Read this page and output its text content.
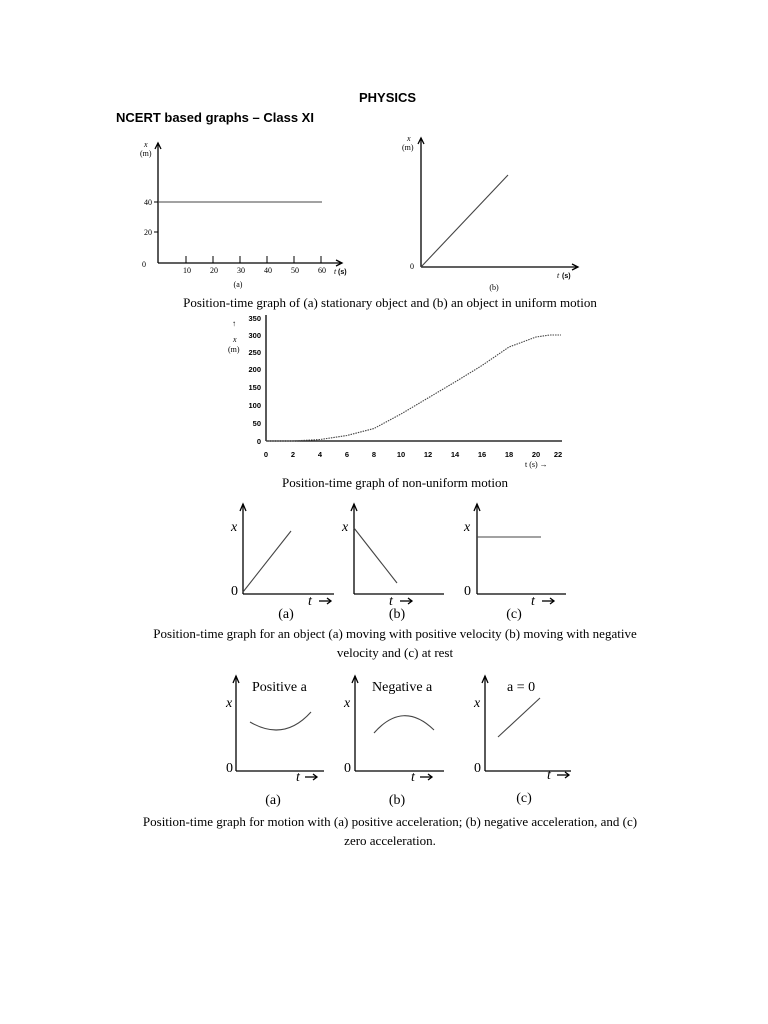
PHYSICS
NCERT based graphs – Class XI
x
(m)
0
20
40
10 20 30 40 50 60 t (s)
(a)
x
(m)
0
t (s)
(b)
↑
x
(m)
0
50
100
150
200
250
300
350
0	2	4	6	8	10 12 14 16 18 20 22
t (s) →
x
0
t
(a)
x
t
(b)
x
0
t
(c)
Positive a
x
0
t
(a)
Negative a
x
0
t
(b)
a = 0
x
0	t
(c)
Position-time graph of (a) stationary object and (b) an object in uniform motion
Position-time graph of non-uniform motion
Position-time graph for an object (a) moving with positive velocity (b) moving with negative
velocity and (c) at rest
Position-time graph for motion with (a) positive acceleration; (b) negative acceleration, and (c)
zero acceleration.
